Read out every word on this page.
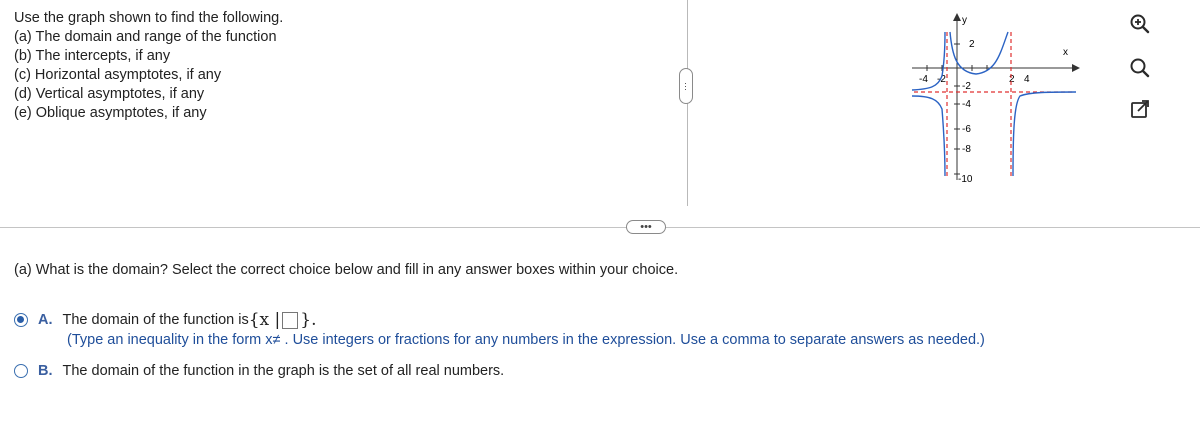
Use the graph shown to find the following.
(a) The domain and range of the function
(b) The intercepts, if any
(c) Horizontal asymptotes, if any
(d) Vertical asymptotes, if any
(e) Oblique asymptotes, if any
x
y
-4 -2	2 4
2
-2
-4
-6
-8
-10
⋯
•••
(a) What is the domain? Select the correct choice below and fill in any answer boxes within your choice.
A. The domain of the function is {x | }.
(Type an inequality in the form x≠ . Use integers or fractions for any numbers in the expression. Use a comma to separate answers as needed.)
B. The domain of the function in the graph is the set of all real numbers.
